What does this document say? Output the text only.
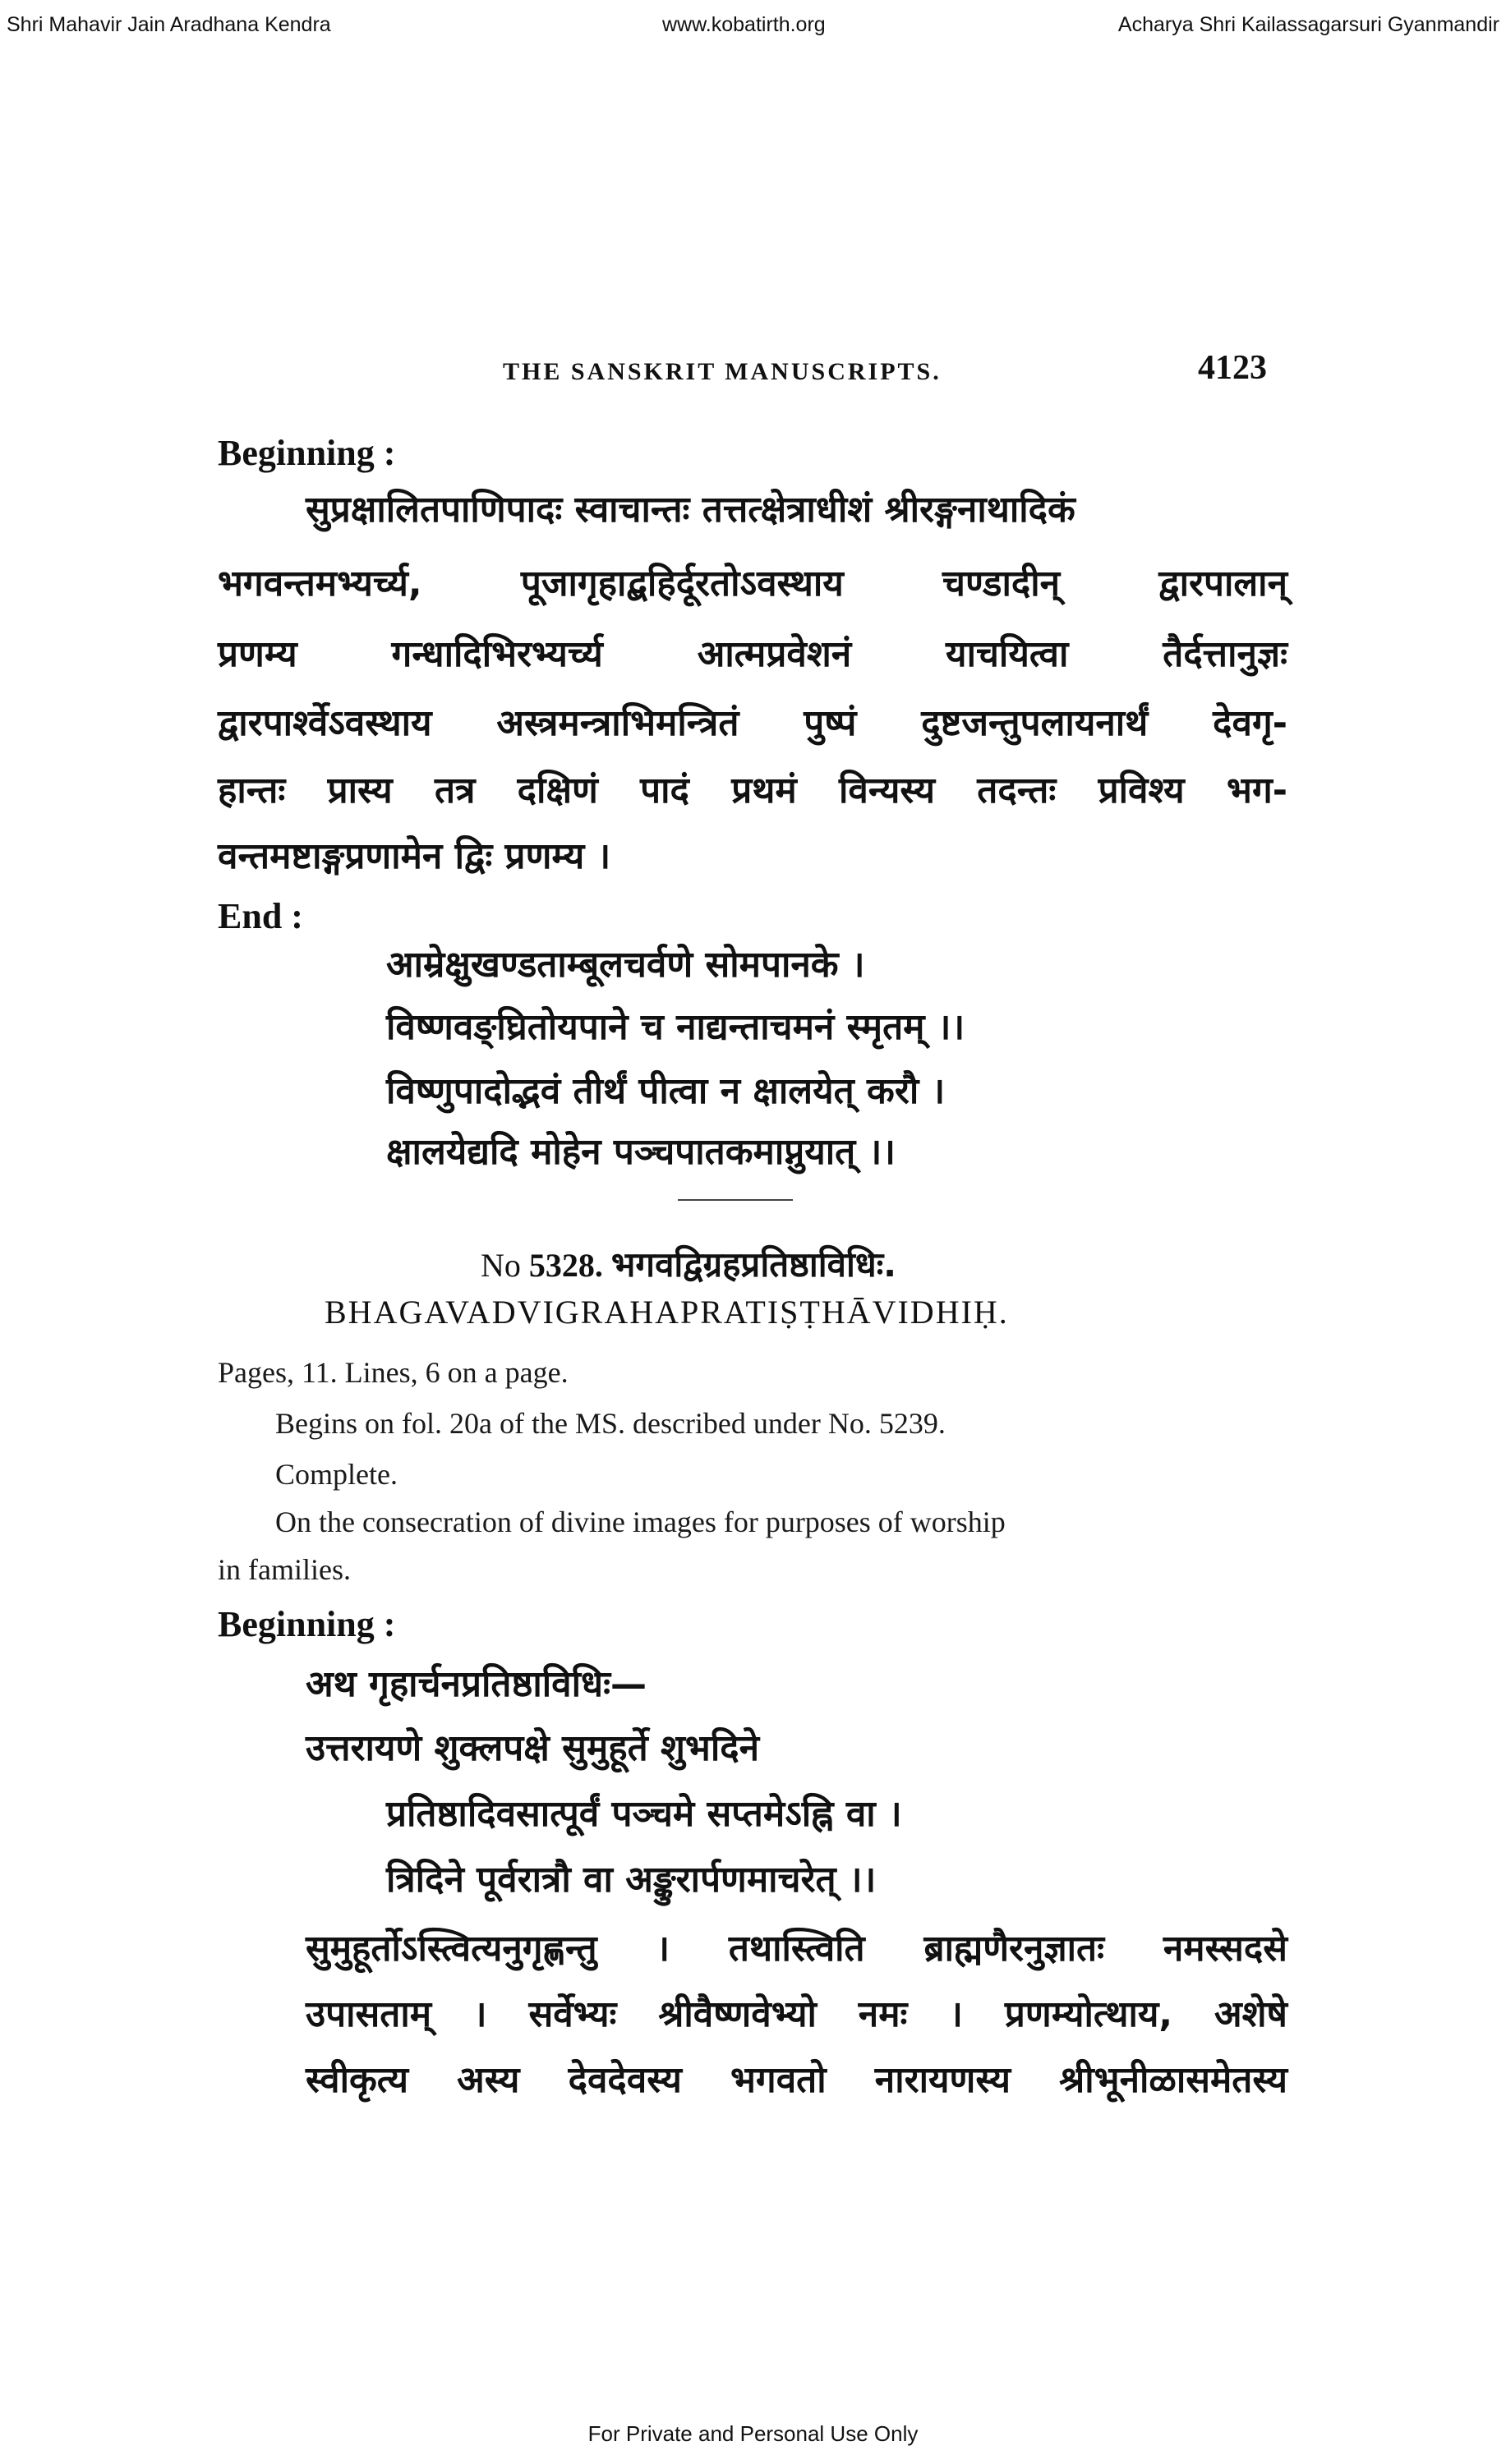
Shri Mahavir Jain Aradhana Kendra	www.kobatirth.org	Acharya Shri Kailassagarsuri Gyanmandir
THE SANSKRIT MANUSCRIPTS.	4123
Beginning :
सुप्रक्षालितपाणिपादः स्वाचान्तः तत्तत्क्षेत्राधीशं श्रीरङ्गनाथादिकं
भगवन्तमभ्यर्च्य, पूजागृहाद्बहिर्दूरतोऽवस्थाय चण्डादीन् द्वारपालान्
प्रणम्य गन्धादिभिरभ्यर्च्य आत्मप्रवेशनं याचयित्वा तैर्दत्तानुज्ञः
द्वारपार्श्वेऽवस्थाय अस्त्रमन्त्राभिमन्त्रितं पुष्पं दुष्टजन्तुपलायनार्थं देवगृ-
हान्तः प्रास्य तत्र दक्षिणं पादं प्रथमं विन्यस्य तदन्तः प्रविश्य भग-
वन्तमष्टाङ्गप्रणामेन द्विः प्रणम्य ।
End :
आम्रेक्षुखण्डताम्बूलचर्वणे सोमपानके ।
विष्णवङ्घ्रितोयपाने च नाद्यन्ताचमनं स्मृतम् ।।
विष्णुपादोद्भवं तीर्थं पीत्वा न क्षालयेत् करौ ।
क्षालयेद्यदि मोहेन पञ्चपातकमाप्नुयात् ।।
No 5328. भगवद्विग्रहप्रतिष्ठाविधिः.
BHAGAVADVIGRAHAPRATIṢṬHĀVIDHIḤ.
Pages, 11. Lines, 6 on a page.
Begins on fol. 20a of the MS. described under No. 5239.
Complete.
On the consecration of divine images for purposes of worship
in families.
Beginning :
अथ गृहार्चनप्रतिष्ठाविधिः—
उत्तरायणे शुक्लपक्षे सुमुहूर्ते शुभदिने
प्रतिष्ठादिवसात्पूर्वं पञ्चमे सप्तमेऽह्नि वा ।
त्रिदिने पूर्वरात्रौ वा अङ्कुरार्पणमाचरेत् ।।
सुमुहूर्तोऽस्त्वित्यनुगृह्णन्तु । तथास्त्विति ब्राह्मणैरनुज्ञातः नमस्सदसे
उपासताम् । सर्वेभ्यः श्रीवैष्णवेभ्यो नमः । प्रणम्योत्थाय, अशेषे
स्वीकृत्य अस्य देवदेवस्य भगवतो नारायणस्य श्रीभूनीळासमेतस्य
For Private and Personal Use Only
